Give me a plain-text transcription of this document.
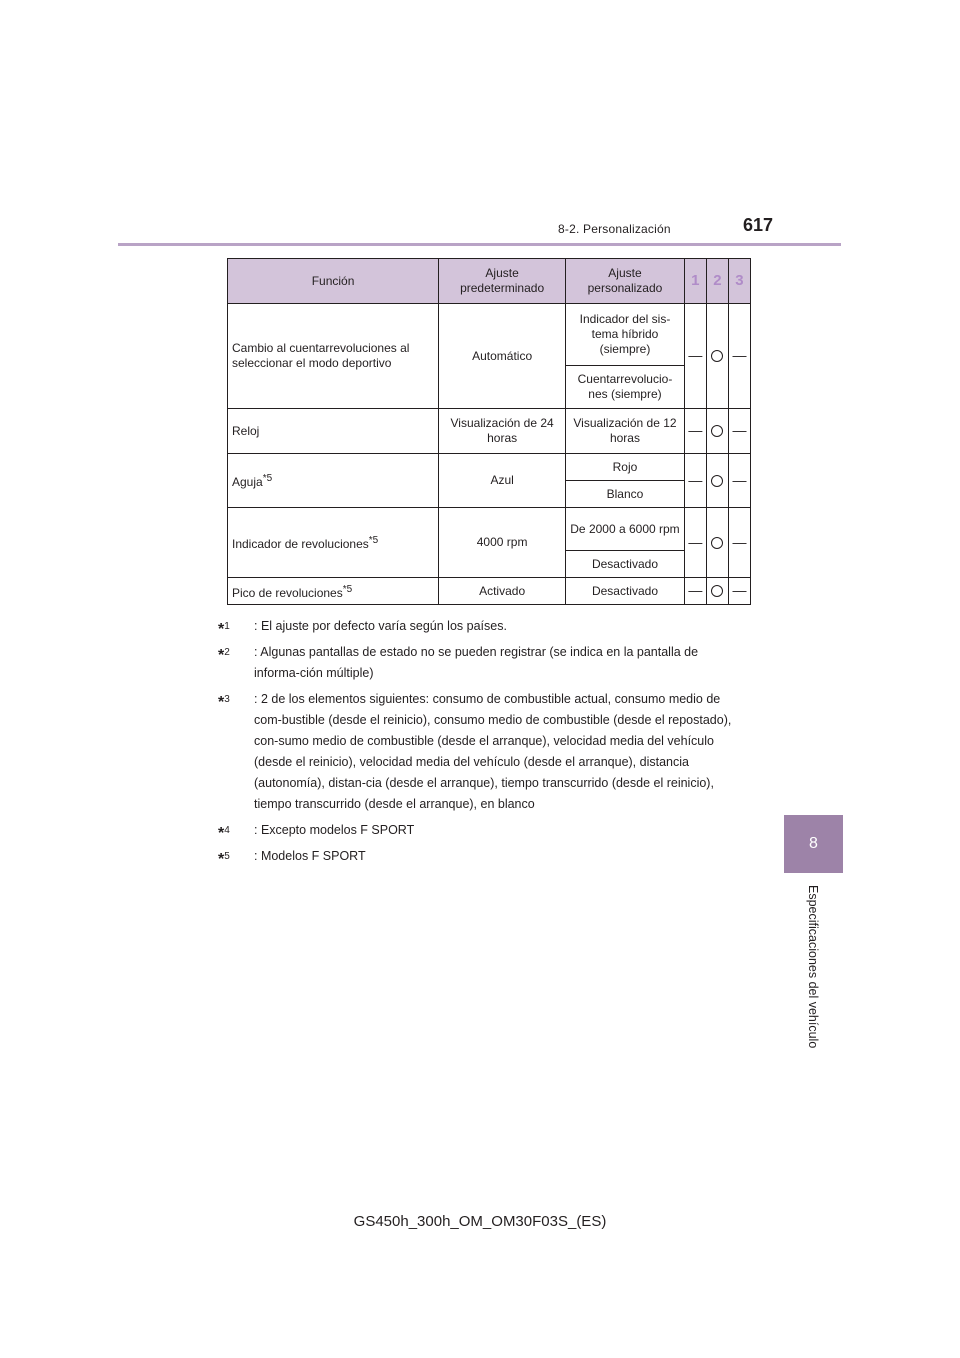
8-2. Personalización	617
8
Especificaciones del vehículo
Función	Ajuste predeterminado	Ajuste personalizado	1	2	3
Cambio al cuentarrevoluciones al seleccionar el modo deportivo	Automático	Indicador del sis-tema híbrido (siempre)	—		—
		Cuentarrevolucio-nes (siempre)			
Reloj	Visualización de 24 horas	Visualización de 12 horas	—		—
Aguja$^{*5}$	Azul	Rojo	—		—
		Blanco			
Indicador de revoluciones$^{*5}$	4000 rpm	De 2000 a 6000 rpm	—		—
		Desactivado			
Pico de revoluciones$^{*5}$	Activado	Desactivado	—		—
*$^1$ : El ajuste por defecto varía según los países.
*$^2$ : Algunas pantallas de estado no se pueden registrar (se indica en la pantalla de informa-ción múltiple)
*$^3$ : 2 de los elementos siguientes: consumo de combustible actual, consumo medio de com-bustible (desde el reinicio), consumo medio de combustible (desde el repostado), con-sumo medio de combustible (desde el arranque), velocidad media del vehículo (desde el reinicio), velocidad media del vehículo (desde el arranque), distancia (autonomía), distan-cia (desde el arranque), tiempo transcurrido (desde el reinicio), tiempo transcurrido (desde el arranque), en blanco
*$^4$ : Excepto modelos F SPORT
*$^5$ : Modelos F SPORT
GS450h_300h_OM_OM30F03S_(ES)
